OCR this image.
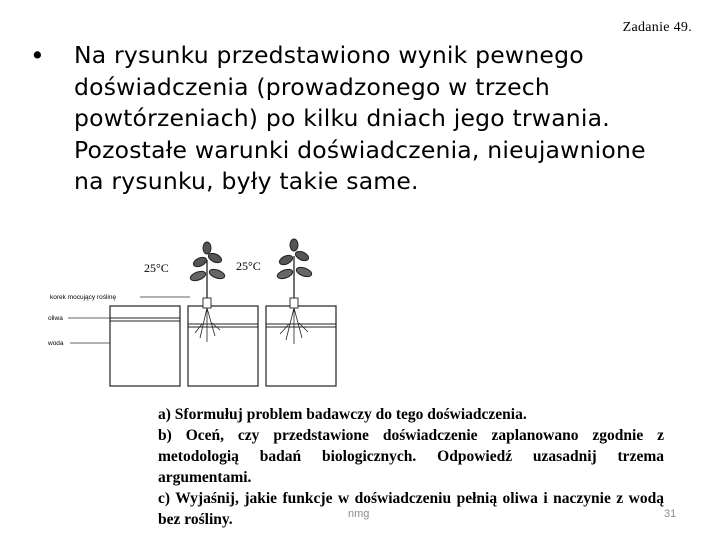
Zadanie 49.
• Na rysunku przedstawiono wynik pewnego doświadczenia (prowadzonego w trzech powtórzeniach) po kilku dniach jego trwania. Pozostałe warunki doświadczenia, nieujawnione na rysunku, były takie same.
25°C	25°C
korek mocujący roślinę
oliwa
woda

a) Sformułuj problem badawczy do tego doświadczenia.

b) Oceń, czy przedstawione doświadczenie zaplanowano zgodnie z metodologią badań biologicznych. Odpowiedź uzasadnij trzema argumentami.

c) Wyjaśnij, jakie funkcje w doświadczeniu pełnią oliwa i naczynie z wodą bez rośliny.	nmg	31
